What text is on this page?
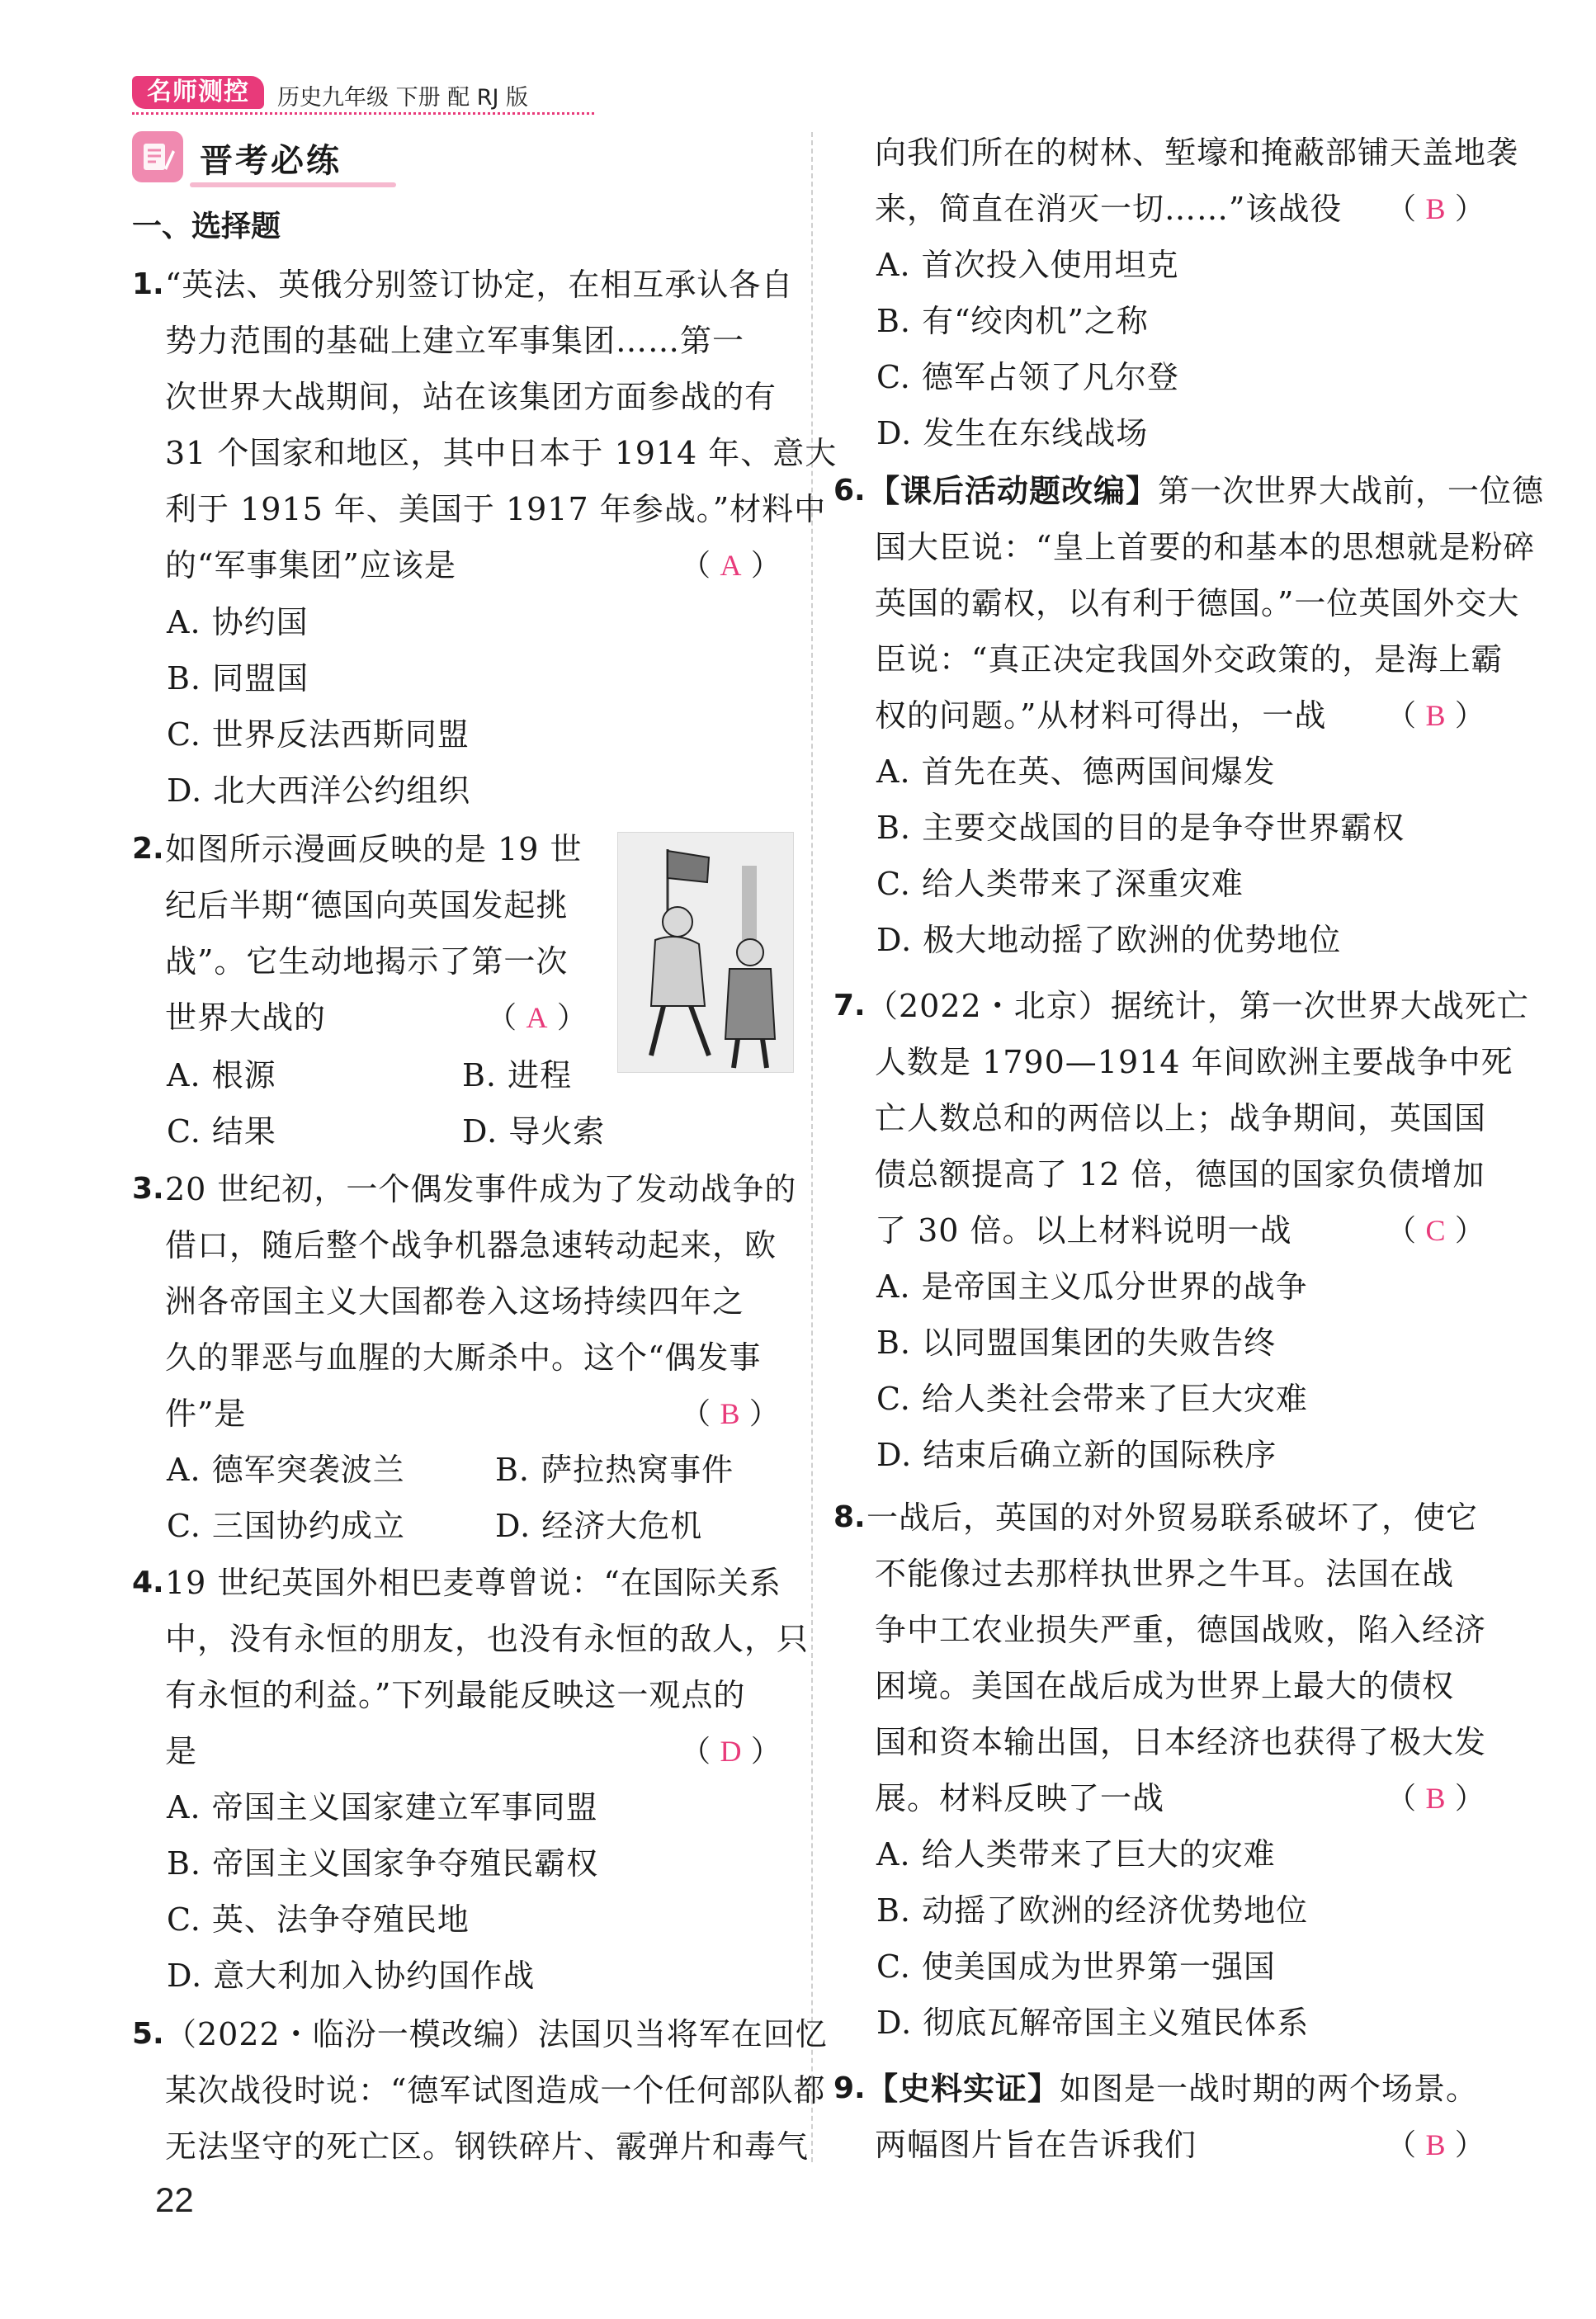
名师测控	历史九年级 下册 配 RJ 版
晋考必练
一、选择题
1. “英法、英俄分别签订协定，在相互承认各自
势力范围的基础上建立军事集团……第一
次世界大战期间，站在该集团方面参战的有
31 个国家和地区，其中日本于 1914 年、意大
利于 1915 年、美国于 1917 年参战。”材料中
的“军事集团”应该是	（ A ）
A. 协约国
B. 同盟国
C. 世界反法西斯同盟
D. 北大西洋公约组织
2. 如图所示漫画反映的是 19 世
纪后半期“德国向英国发起挑
战”。它生动地揭示了第一次
世界大战的	（ A ）
A. 根源	B. 进程
C. 结果	D. 导火索
3. 20 世纪初，一个偶发事件成为了发动战争的
借口，随后整个战争机器急速转动起来，欧
洲各帝国主义大国都卷入这场持续四年之
久的罪恶与血腥的大厮杀中。这个“偶发事
件”是	（ B ）
A. 德军突袭波兰	B. 萨拉热窝事件
C. 三国协约成立	D. 经济大危机
4. 19 世纪英国外相巴麦尊曾说：“在国际关系
中，没有永恒的朋友，也没有永恒的敌人，只
有永恒的利益。”下列最能反映这一观点的
是	（ D ）
A. 帝国主义国家建立军事同盟
B. 帝国主义国家争夺殖民霸权
C. 英、法争夺殖民地
D. 意大利加入协约国作战
5. （2022・临汾一模改编）法国贝当将军在回忆
某次战役时说：“德军试图造成一个任何部队都
无法坚守的死亡区。钢铁碎片、霰弹片和毒气
向我们所在的树林、堑壕和掩蔽部铺天盖地袭
来，简直在消灭一切……”该战役 （ B ）
A. 首次投入使用坦克
B. 有“绞肉机”之称
C. 德军占领了凡尔登
D. 发生在东线战场
6. 【课后活动题改编】第一次世界大战前，一位德
国大臣说：“皇上首要的和基本的思想就是粉碎
英国的霸权，以有利于德国。”一位英国外交大
臣说：“真正决定我国外交政策的，是海上霸
权的问题。”从材料可得出，一战 （ B ）
A. 首先在英、德两国间爆发
B. 主要交战国的目的是争夺世界霸权
C. 给人类带来了深重灾难
D. 极大地动摇了欧洲的优势地位
7. （2022・北京）据统计，第一次世界大战死亡
人数是 1790—1914 年间欧洲主要战争中死
亡人数总和的两倍以上；战争期间，英国国
债总额提高了 12 倍，德国的国家负债增加
了 30 倍。以上材料说明一战	（ C ）
A. 是帝国主义瓜分世界的战争
B. 以同盟国集团的失败告终
C. 给人类社会带来了巨大灾难
D. 结束后确立新的国际秩序
8. 一战后，英国的对外贸易联系破坏了，使它
不能像过去那样执世界之牛耳。法国在战
争中工农业损失严重，德国战败，陷入经济
困境。美国在战后成为世界上最大的债权
国和资本输出国，日本经济也获得了极大发
展。材料反映了一战	（ B ）
A. 给人类带来了巨大的灾难
B. 动摇了欧洲的经济优势地位
C. 使美国成为世界第一强国
D. 彻底瓦解帝国主义殖民体系
9. 【史料实证】如图是一战时期的两个场景。
两幅图片旨在告诉我们	（ B ）
22
